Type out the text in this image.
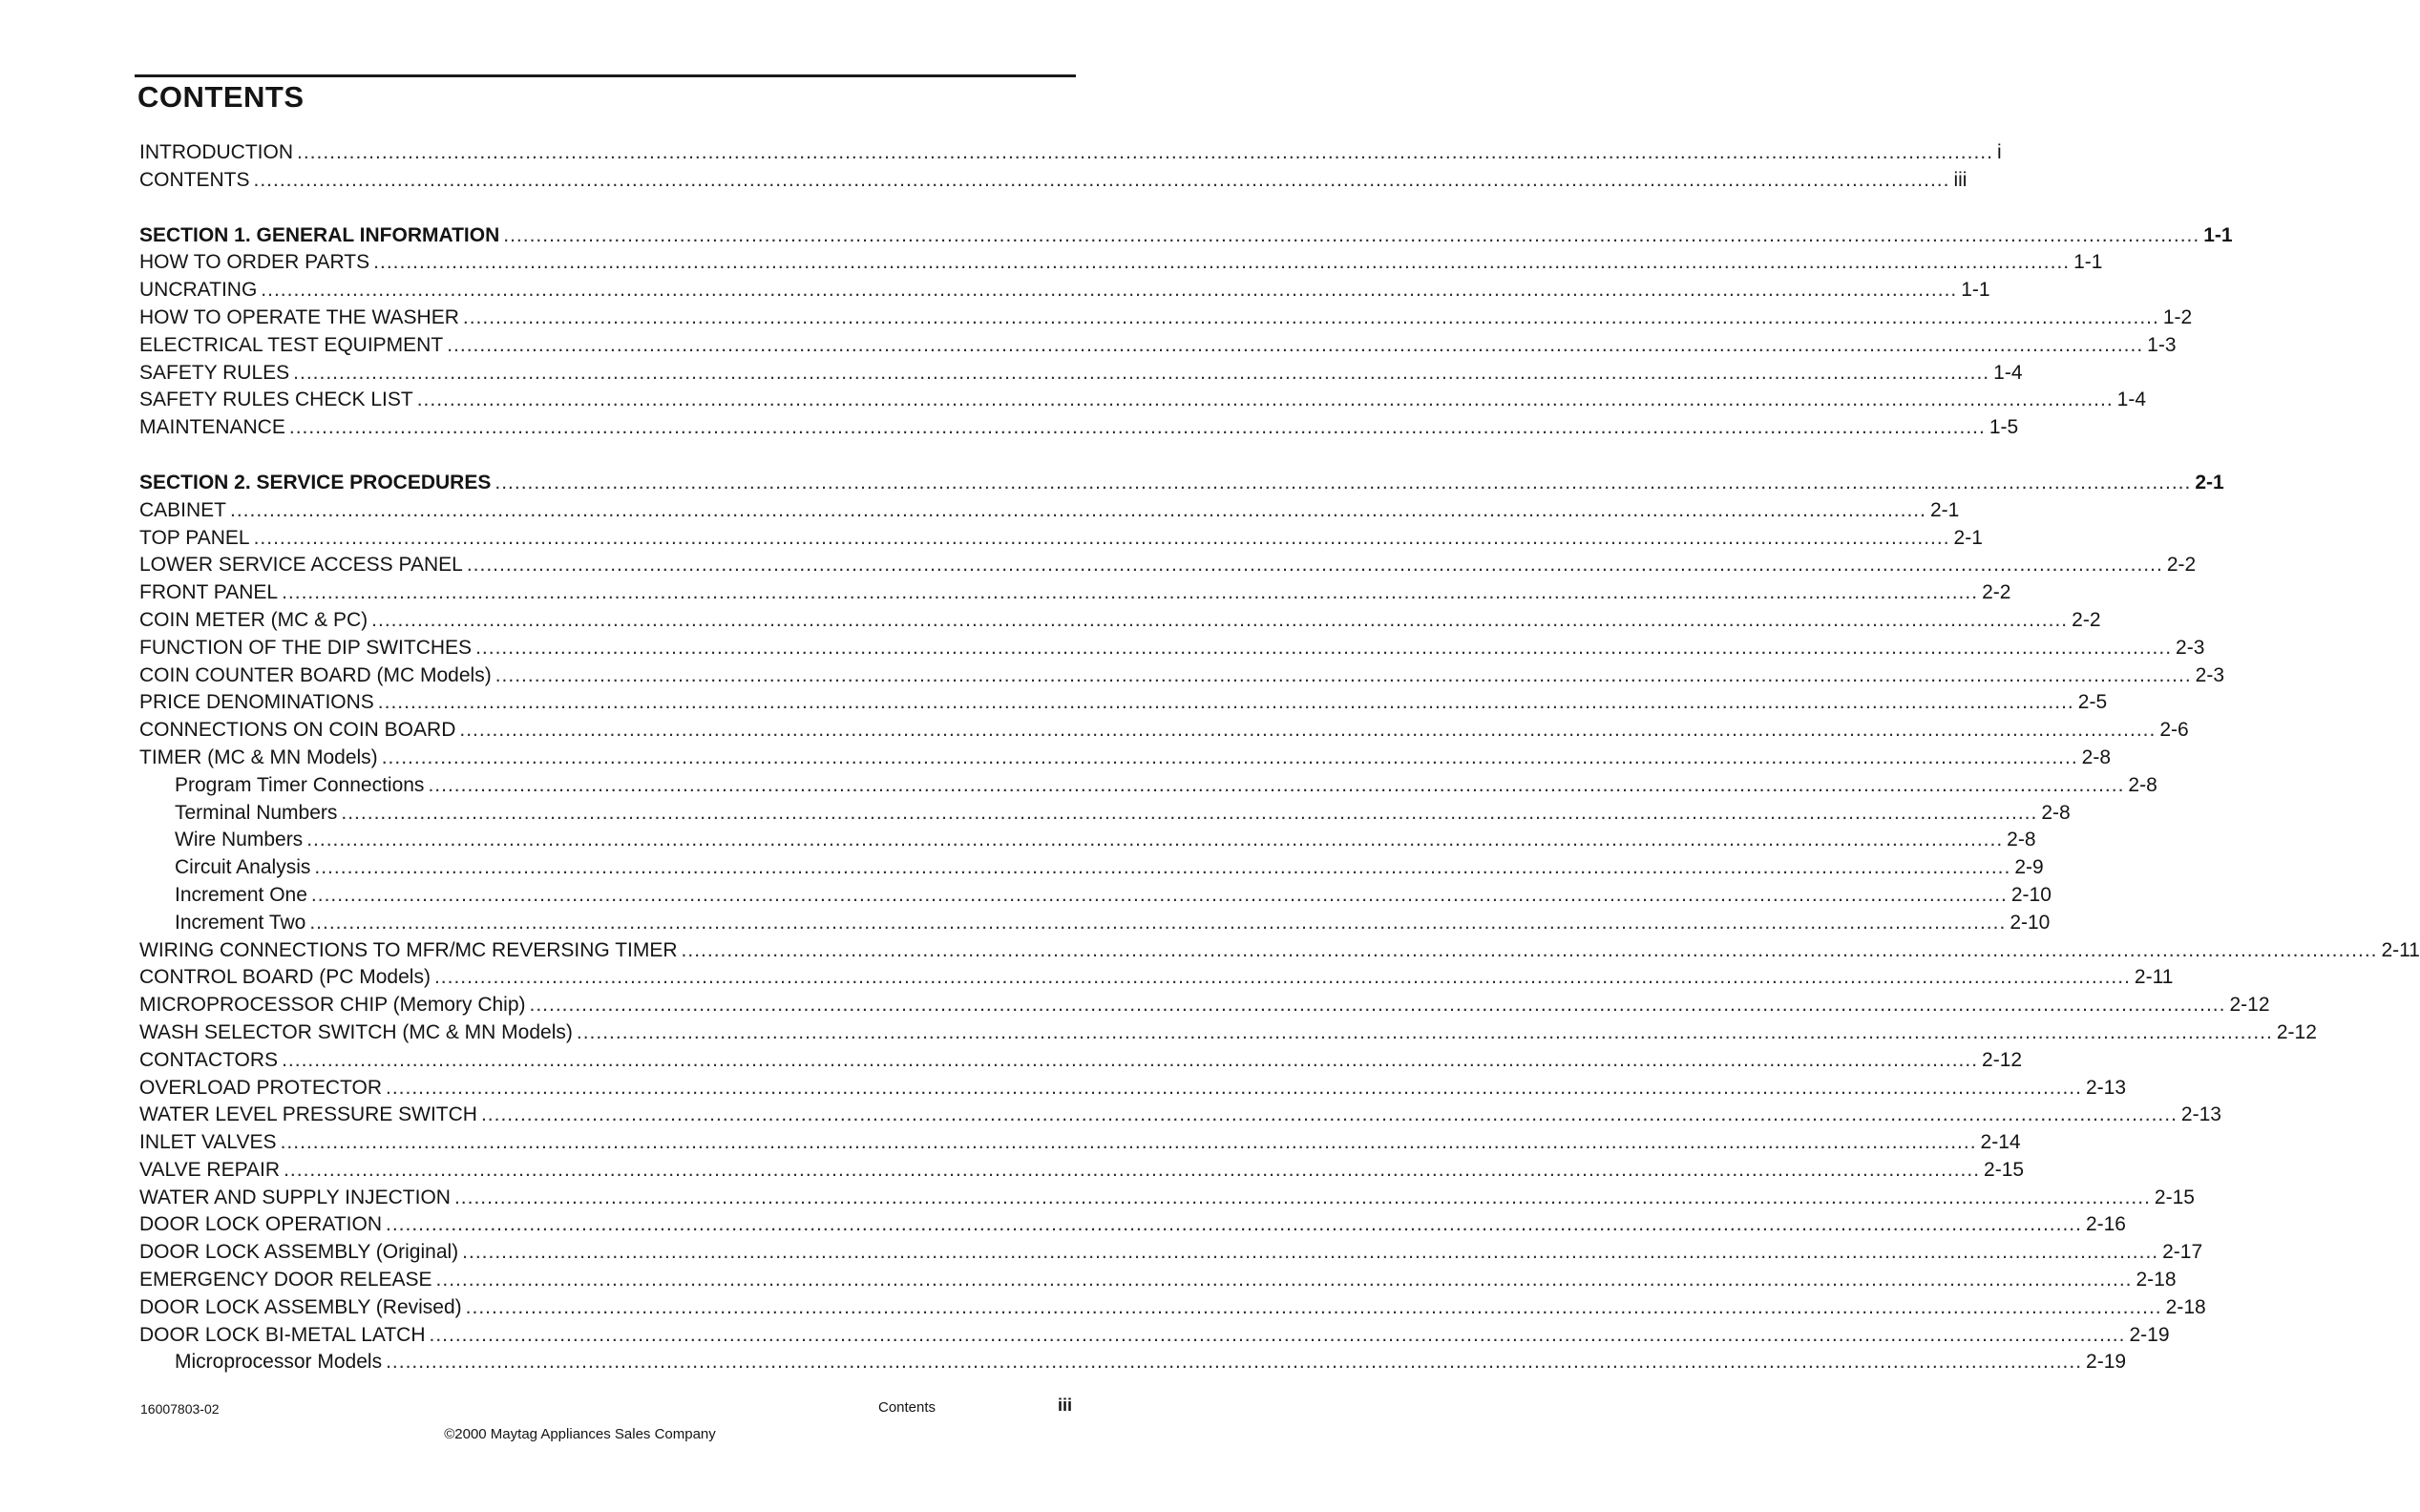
CONTENTS
INTRODUCTION .................................................................................................................................................................................................................................................................... i
CONTENTS .................................................................................................................................................................................................................................................................... iii
SECTION 1. GENERAL INFORMATION .................................................................................................................................................................................................................................................................... 1-1
HOW TO ORDER PARTS .................................................................................................................................................................................................................................................................... 1-1
UNCRATING .................................................................................................................................................................................................................................................................... 1-1
HOW TO OPERATE THE WASHER .................................................................................................................................................................................................................................................................... 1-2
ELECTRICAL TEST EQUIPMENT .................................................................................................................................................................................................................................................................... 1-3
SAFETY RULES .................................................................................................................................................................................................................................................................... 1-4
SAFETY RULES CHECK LIST .................................................................................................................................................................................................................................................................... 1-4
MAINTENANCE .................................................................................................................................................................................................................................................................... 1-5
SECTION 2. SERVICE PROCEDURES .................................................................................................................................................................................................................................................................... 2-1
CABINET .................................................................................................................................................................................................................................................................... 2-1
TOP PANEL .................................................................................................................................................................................................................................................................... 2-1
LOWER SERVICE ACCESS PANEL .................................................................................................................................................................................................................................................................... 2-2
FRONT PANEL .................................................................................................................................................................................................................................................................... 2-2
COIN METER (MC & PC) .................................................................................................................................................................................................................................................................... 2-2
FUNCTION OF THE DIP SWITCHES .................................................................................................................................................................................................................................................................... 2-3
COIN COUNTER BOARD (MC Models) .................................................................................................................................................................................................................................................................... 2-3
PRICE DENOMINATIONS .................................................................................................................................................................................................................................................................... 2-5
CONNECTIONS ON COIN BOARD .................................................................................................................................................................................................................................................................... 2-6
TIMER (MC & MN Models) .................................................................................................................................................................................................................................................................... 2-8
Program Timer Connections .................................................................................................................................................................................................................................................................... 2-8
Terminal Numbers .................................................................................................................................................................................................................................................................... 2-8
Wire Numbers .................................................................................................................................................................................................................................................................... 2-8
Circuit Analysis .................................................................................................................................................................................................................................................................... 2-9
Increment One .................................................................................................................................................................................................................................................................... 2-10
Increment Two .................................................................................................................................................................................................................................................................... 2-10
WIRING CONNECTIONS TO MFR/MC REVERSING TIMER .................................................................................................................................................................................................................................................................... 2-11
CONTROL BOARD (PC Models) .................................................................................................................................................................................................................................................................... 2-11
MICROPROCESSOR CHIP (Memory Chip) .................................................................................................................................................................................................................................................................... 2-12
WASH SELECTOR SWITCH (MC & MN Models) .................................................................................................................................................................................................................................................................... 2-12
CONTACTORS .................................................................................................................................................................................................................................................................... 2-12
OVERLOAD PROTECTOR .................................................................................................................................................................................................................................................................... 2-13
WATER LEVEL PRESSURE SWITCH .................................................................................................................................................................................................................................................................... 2-13
INLET VALVES .................................................................................................................................................................................................................................................................... 2-14
VALVE REPAIR .................................................................................................................................................................................................................................................................... 2-15
WATER AND SUPPLY INJECTION .................................................................................................................................................................................................................................................................... 2-15
DOOR LOCK OPERATION .................................................................................................................................................................................................................................................................... 2-16
DOOR LOCK ASSEMBLY (Original) .................................................................................................................................................................................................................................................................... 2-17
EMERGENCY DOOR RELEASE .................................................................................................................................................................................................................................................................... 2-18
DOOR LOCK ASSEMBLY (Revised) .................................................................................................................................................................................................................................................................... 2-18
DOOR LOCK BI-METAL LATCH .................................................................................................................................................................................................................................................................... 2-19
Microprocessor Models .................................................................................................................................................................................................................................................................... 2-19
16007803-02	Contents	iii
©2000 Maytag Appliances Sales Company
